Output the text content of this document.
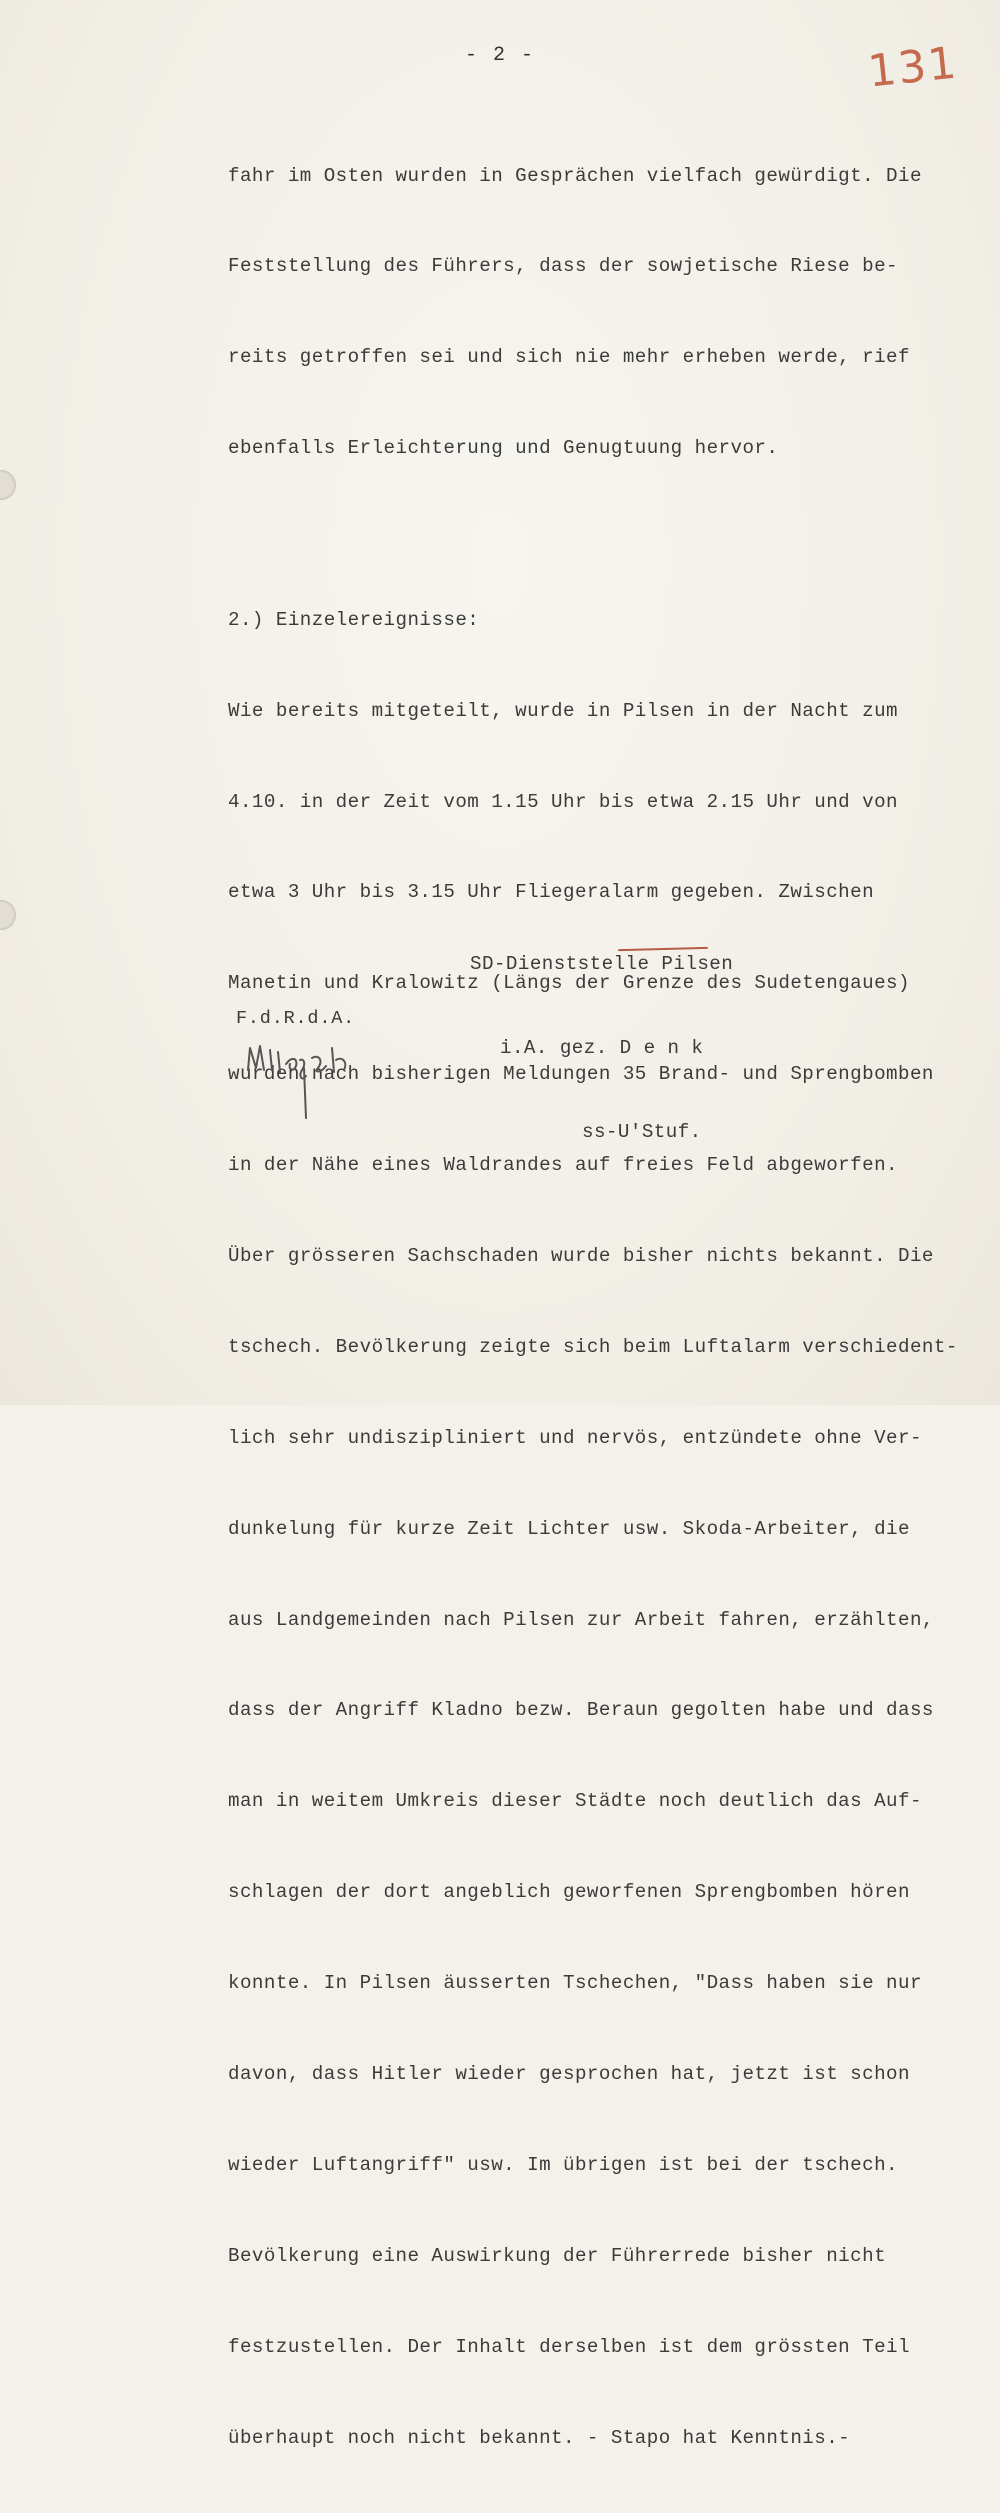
- 2 -	131

fahr im Osten wurden in Gesprächen vielfach gewürdigt. Die

Feststellung des Führers, dass der sowjetische Riese be-

reits getroffen sei und sich nie mehr erheben werde, rief

ebenfalls Erleichterung und Genugtuung hervor.

2.) Einzelereignisse:

Wie bereits mitgeteilt, wurde in Pilsen in der Nacht zum

4.10. in der Zeit vom 1.15 Uhr bis etwa 2.15 Uhr und von

etwa 3 Uhr bis 3.15 Uhr Fliegeralarm gegeben. Zwischen

Manetin und Kralowitz (Längs der Grenze des Sudetengaues)

wurden nach bisherigen Meldungen 35 Brand- und Sprengbomben

in der Nähe eines Waldrandes auf freies Feld abgeworfen.

Über grösseren Sachschaden wurde bisher nichts bekannt. Die

tschech. Bevölkerung zeigte sich beim Luftalarm verschiedent-

lich sehr undiszipliniert und nervös, entzündete ohne Ver-

dunkelung für kurze Zeit Lichter usw. Skoda-Arbeiter, die

aus Landgemeinden nach Pilsen zur Arbeit fahren, erzählten,

dass der Angriff Kladno bezw. Beraun gegolten habe und dass

man in weitem Umkreis dieser Städte noch deutlich das Auf-

schlagen der dort angeblich geworfenen Sprengbomben hören

konnte. In Pilsen äusserten Tschechen, "Dass haben sie nur

davon, dass Hitler wieder gesprochen hat, jetzt ist schon

wieder Luftangriff" usw. Im übrigen ist bei der tschech.

Bevölkerung eine Auswirkung der Führerrede bisher nicht

festzustellen. Der Inhalt derselben ist dem grössten Teil

überhaupt noch nicht bekannt. - Stapo hat Kenntnis.-

SD-Dienststelle Pilsen

i.A. gez. D e n k

ss-U'Stuf.

F.d.R.d.A.
